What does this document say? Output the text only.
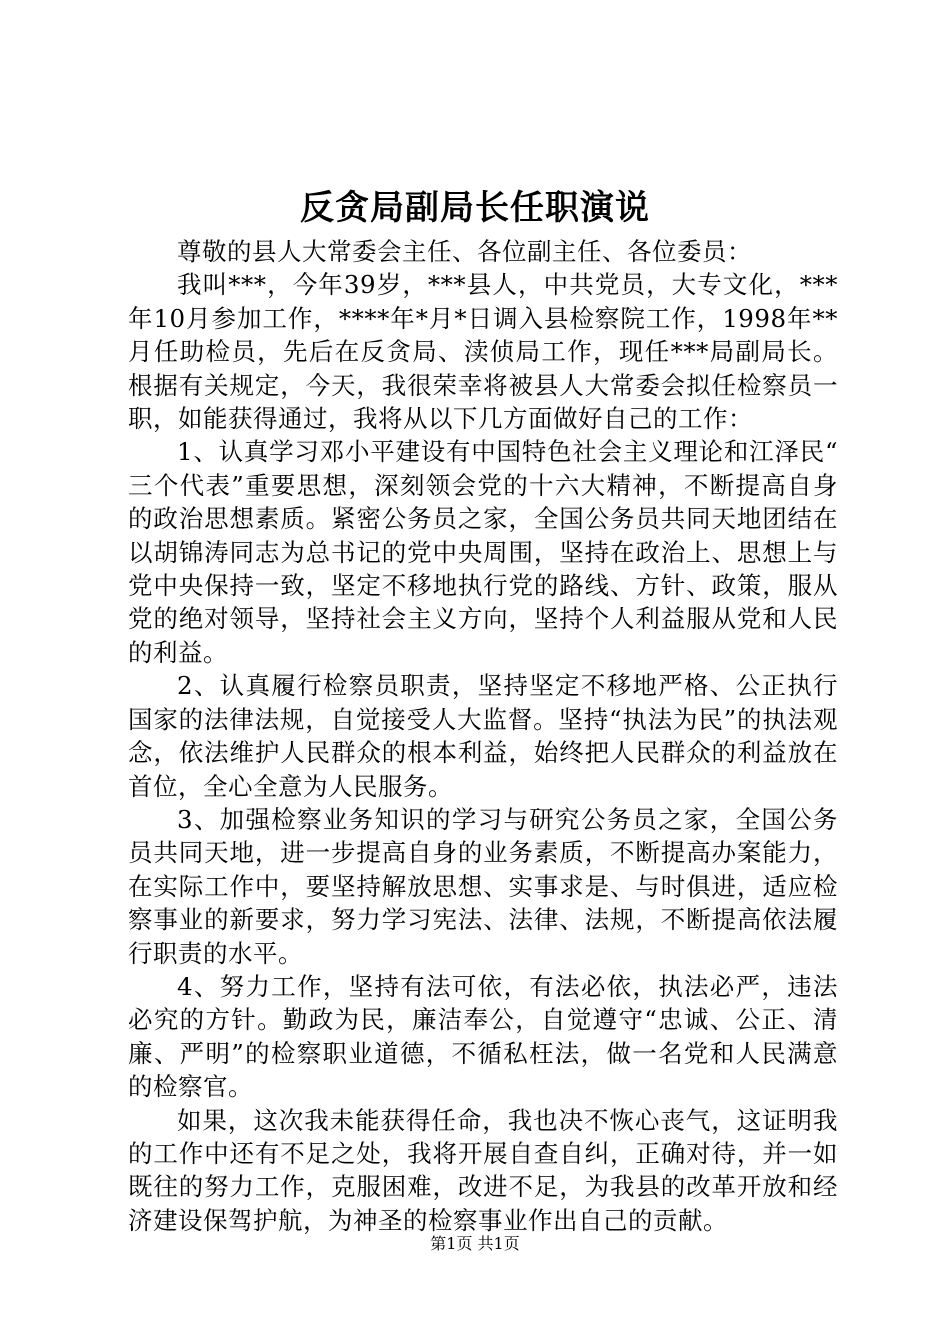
反贪局副局长任职演说

尊敬的县人大常委会主任、各位副主任、各位委员：

我叫***，今年39岁，***县人，中共党员，大专文化，***年10月参加工作，****年*月*日调入县检察院工作，1998年**月任助检员，先后在反贪局、渎侦局工作，现任***局副局长。根据有关规定，今天，我很荣幸将被县人大常委会拟任检察员一职，如能获得通过，我将从以下几方面做好自己的工作：

1、认真学习邓小平建设有中国特色社会主义理论和江泽民“三个代表”重要思想，深刻领会党的十六大精神，不断提高自身的政治思想素质。紧密公务员之家，全国公务员共同天地团结在以胡锦涛同志为总书记的党中央周围，坚持在政治上、思想上与党中央保持一致，坚定不移地执行党的路线、方针、政策，服从党的绝对领导，坚持社会主义方向，坚持个人利益服从党和人民的利益。

2、认真履行检察员职责，坚持坚定不移地严格、公正执行国家的法律法规，自觉接受人大监督。坚持“执法为民”的执法观念，依法维护人民群众的根本利益，始终把人民群众的利益放在首位，全心全意为人民服务。

3、加强检察业务知识的学习与研究公务员之家，全国公务员共同天地，进一步提高自身的业务素质，不断提高办案能力，在实际工作中，要坚持解放思想、实事求是、与时俱进，适应检察事业的新要求，努力学习宪法、法律、法规，不断提高依法履行职责的水平。

4、努力工作，坚持有法可依，有法必依，执法必严，违法必究的方针。勤政为民，廉洁奉公，自觉遵守“忠诚、公正、清廉、严明”的检察职业道德，不循私枉法，做一名党和人民满意的检察官。

如果，这次我未能获得任命，我也决不恢心丧气，这证明我的工作中还有不足之处，我将开展自查自纠，正确对待，并一如既往的努力工作，克服困难，改进不足，为我县的改革开放和经济建设保驾护航，为神圣的检察事业作出自己的贡献。

第1页 共1页
